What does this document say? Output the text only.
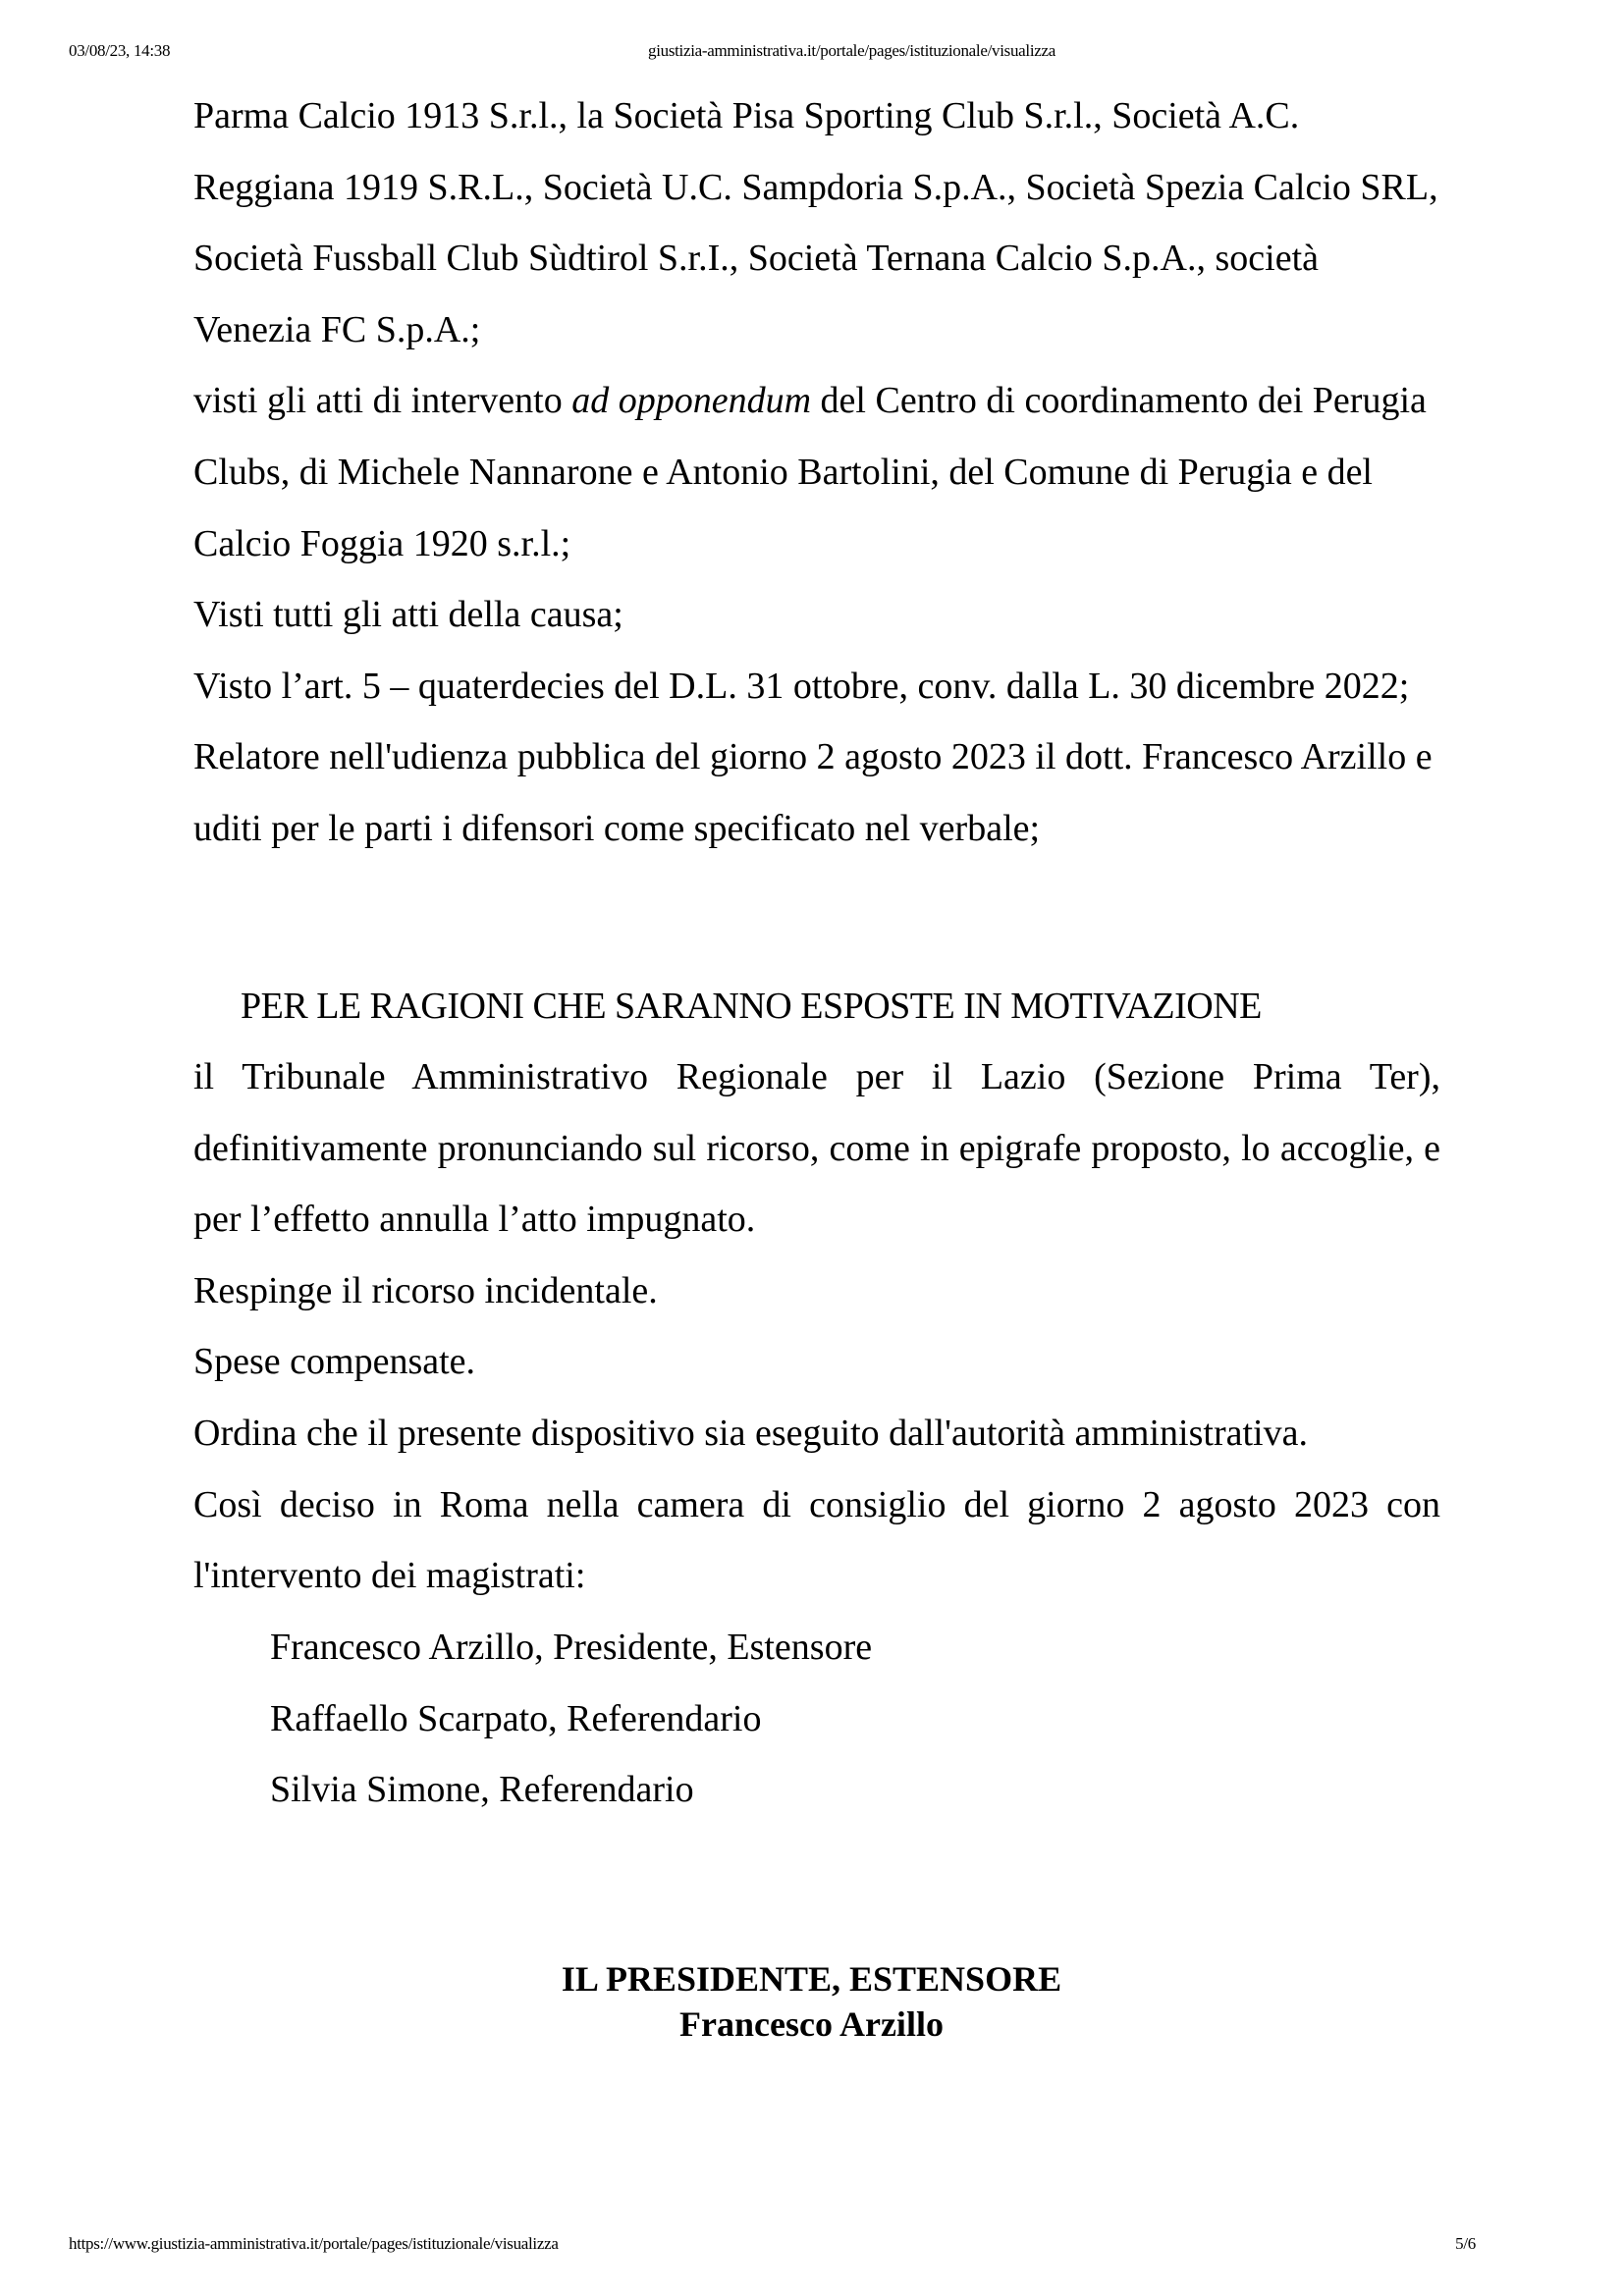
03/08/23, 14:38	giustizia-amministrativa.it/portale/pages/istituzionale/visualizza

Parma Calcio 1913 S.r.l., la Società Pisa Sporting Club S.r.l., Società A.C. Reggiana 1919 S.R.L., Società U.C. Sampdoria S.p.A., Società Spezia Calcio SRL, Società Fussball Club Sùdtirol S.r.I., Società Ternana Calcio S.p.A., società Venezia FC S.p.A.;

visti gli atti di intervento ad opponendum del Centro di coordinamento dei Perugia Clubs, di Michele Nannarone e Antonio Bartolini, del Comune di Perugia e del Calcio Foggia 1920 s.r.l.;

Visti tutti gli atti della causa;

Visto l’art. 5 – quaterdecies del D.L. 31 ottobre, conv. dalla L. 30 dicembre 2022;

Relatore nell'udienza pubblica del giorno 2 agosto 2023 il dott. Francesco Arzillo e uditi per le parti i difensori come specificato nel verbale;

PER LE RAGIONI CHE SARANNO ESPOSTE IN MOTIVAZIONE

il Tribunale Amministrativo Regionale per il Lazio (Sezione Prima Ter), definitivamente pronunciando sul ricorso, come in epigrafe proposto, lo accoglie, e per l’effetto annulla l’atto impugnato.

Respinge il ricorso incidentale.

Spese compensate.

Ordina che il presente dispositivo sia eseguito dall'autorità amministrativa.

Così deciso in Roma nella camera di consiglio del giorno 2 agosto 2023 con l'intervento dei magistrati:

Francesco Arzillo, Presidente, Estensore
Raffaello Scarpato, Referendario
Silvia Simone, Referendario
IL PRESIDENTE, ESTENSORE
Francesco Arzillo
https://www.giustizia-amministrativa.it/portale/pages/istituzionale/visualizza	5/6
